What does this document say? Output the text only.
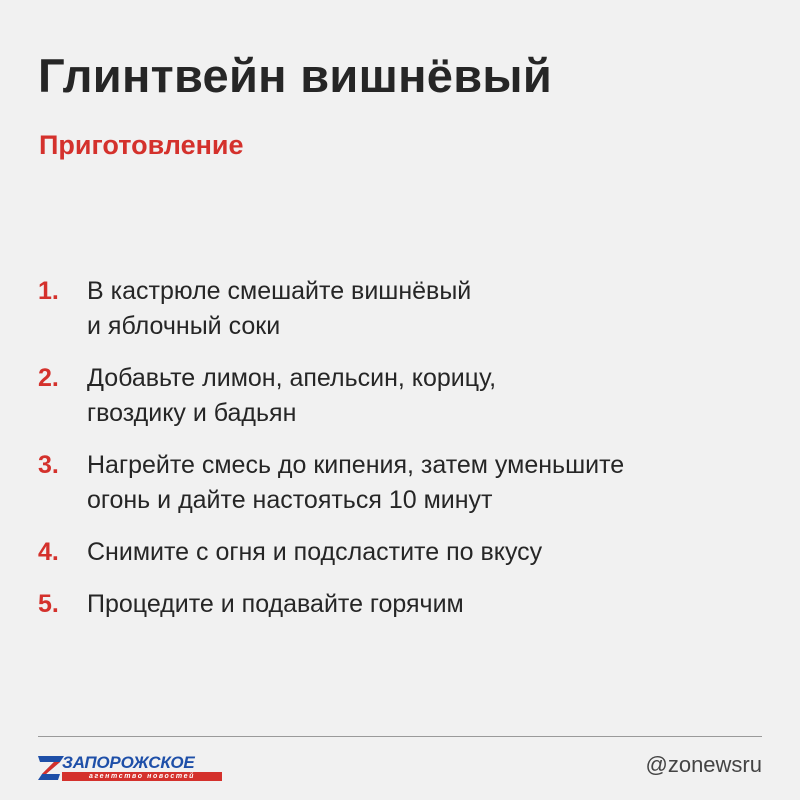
Глинтвейн вишнёвый
Приготовление
1. В кастрюле смешайте вишнёвый
и яблочный соки
2. Добавьте лимон, апельсин, корицу,
гвоздику и бадьян
3. Нагрейте смесь до кипения, затем уменьшите
огонь и дайте настояться 10 минут
4. Снимите с огня и подсластите по вкусу
5. Процедите и подавайте горячим
ЗАПОРОЖСКОЕ
агентство новостей	@zonewsru
